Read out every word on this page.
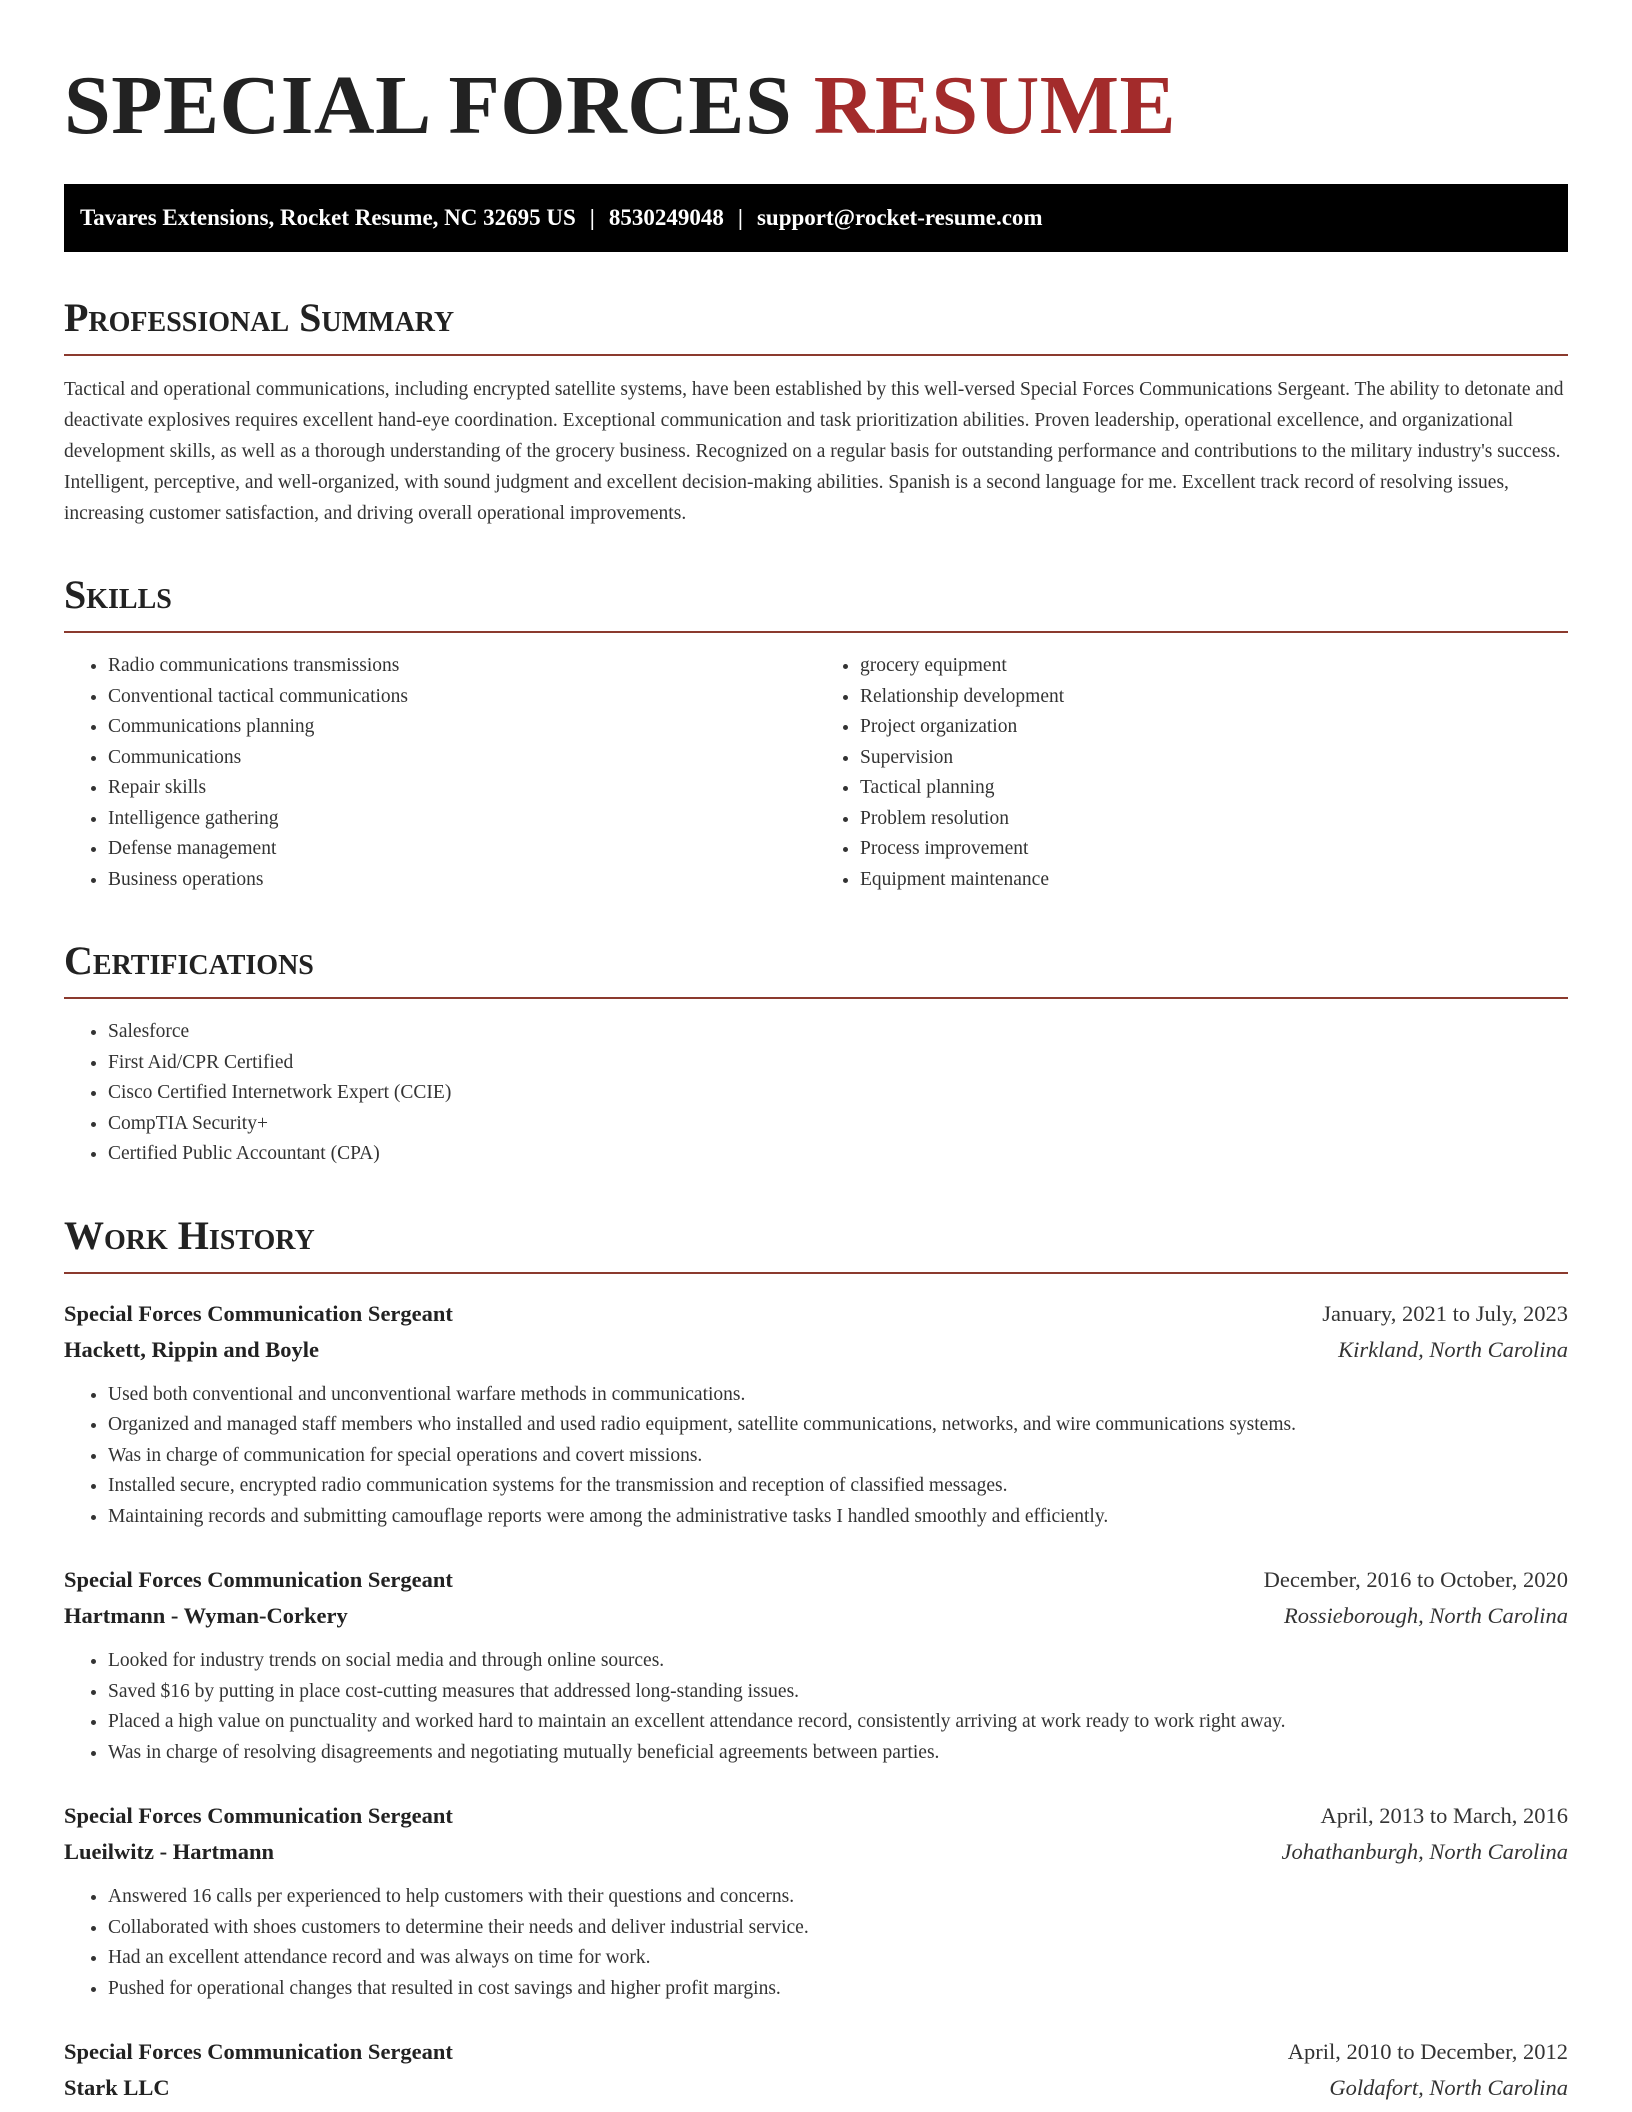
SPECIAL FORCES RESUME
Tavares Extensions, Rocket Resume, NC 32695 US | 8530249048 | support@rocket-resume.com
Professional Summary

Tactical and operational communications, including encrypted satellite systems, have been established by this well-versed Special Forces Communications Sergeant. The ability to detonate and deactivate explosives requires excellent hand-eye coordination. Exceptional communication and task prioritization abilities. Proven leadership, operational excellence, and organizational development skills, as well as a thorough understanding of the grocery business. Recognized on a regular basis for outstanding performance and contributions to the military industry's success. Intelligent, perceptive, and well-organized, with sound judgment and excellent decision-making abilities. Spanish is a second language for me. Excellent track record of resolving issues, increasing customer satisfaction, and driving overall operational improvements.

Skills
• Radio communications transmissions
• Conventional tactical communications
• Communications planning
• Communications
• Repair skills
• Intelligence gathering
• Defense management
• Business operations
• grocery equipment
• Relationship development
• Project organization
• Supervision
• Tactical planning
• Problem resolution
• Process improvement
• Equipment maintenance
Certifications
• Salesforce
• First Aid/CPR Certified
• Cisco Certified Internetwork Expert (CCIE)
• CompTIA Security+
• Certified Public Accountant (CPA)
Work History
Special Forces Communication Sergeant	January, 2021 to July, 2023
Hackett, Rippin and Boyle	Kirkland, North Carolina
• Used both conventional and unconventional warfare methods in communications.
• Organized and managed staff members who installed and used radio equipment, satellite communications, networks, and wire communications systems.
• Was in charge of communication for special operations and covert missions.
• Installed secure, encrypted radio communication systems for the transmission and reception of classified messages.
• Maintaining records and submitting camouflage reports were among the administrative tasks I handled smoothly and efficiently.
Special Forces Communication Sergeant	December, 2016 to October, 2020
Hartmann - Wyman-Corkery	Rossieborough, North Carolina
• Looked for industry trends on social media and through online sources.
• Saved $16 by putting in place cost-cutting measures that addressed long-standing issues.
• Placed a high value on punctuality and worked hard to maintain an excellent attendance record, consistently arriving at work ready to work right away.
• Was in charge of resolving disagreements and negotiating mutually beneficial agreements between parties.
Special Forces Communication Sergeant	April, 2013 to March, 2016
Lueilwitz - Hartmann	Johathanburgh, North Carolina
• Answered 16 calls per experienced to help customers with their questions and concerns.
• Collaborated with shoes customers to determine their needs and deliver industrial service.
• Had an excellent attendance record and was always on time for work.
• Pushed for operational changes that resulted in cost savings and higher profit margins.
Special Forces Communication Sergeant	April, 2010 to December, 2012
Stark LLC	Goldafort, North Carolina
